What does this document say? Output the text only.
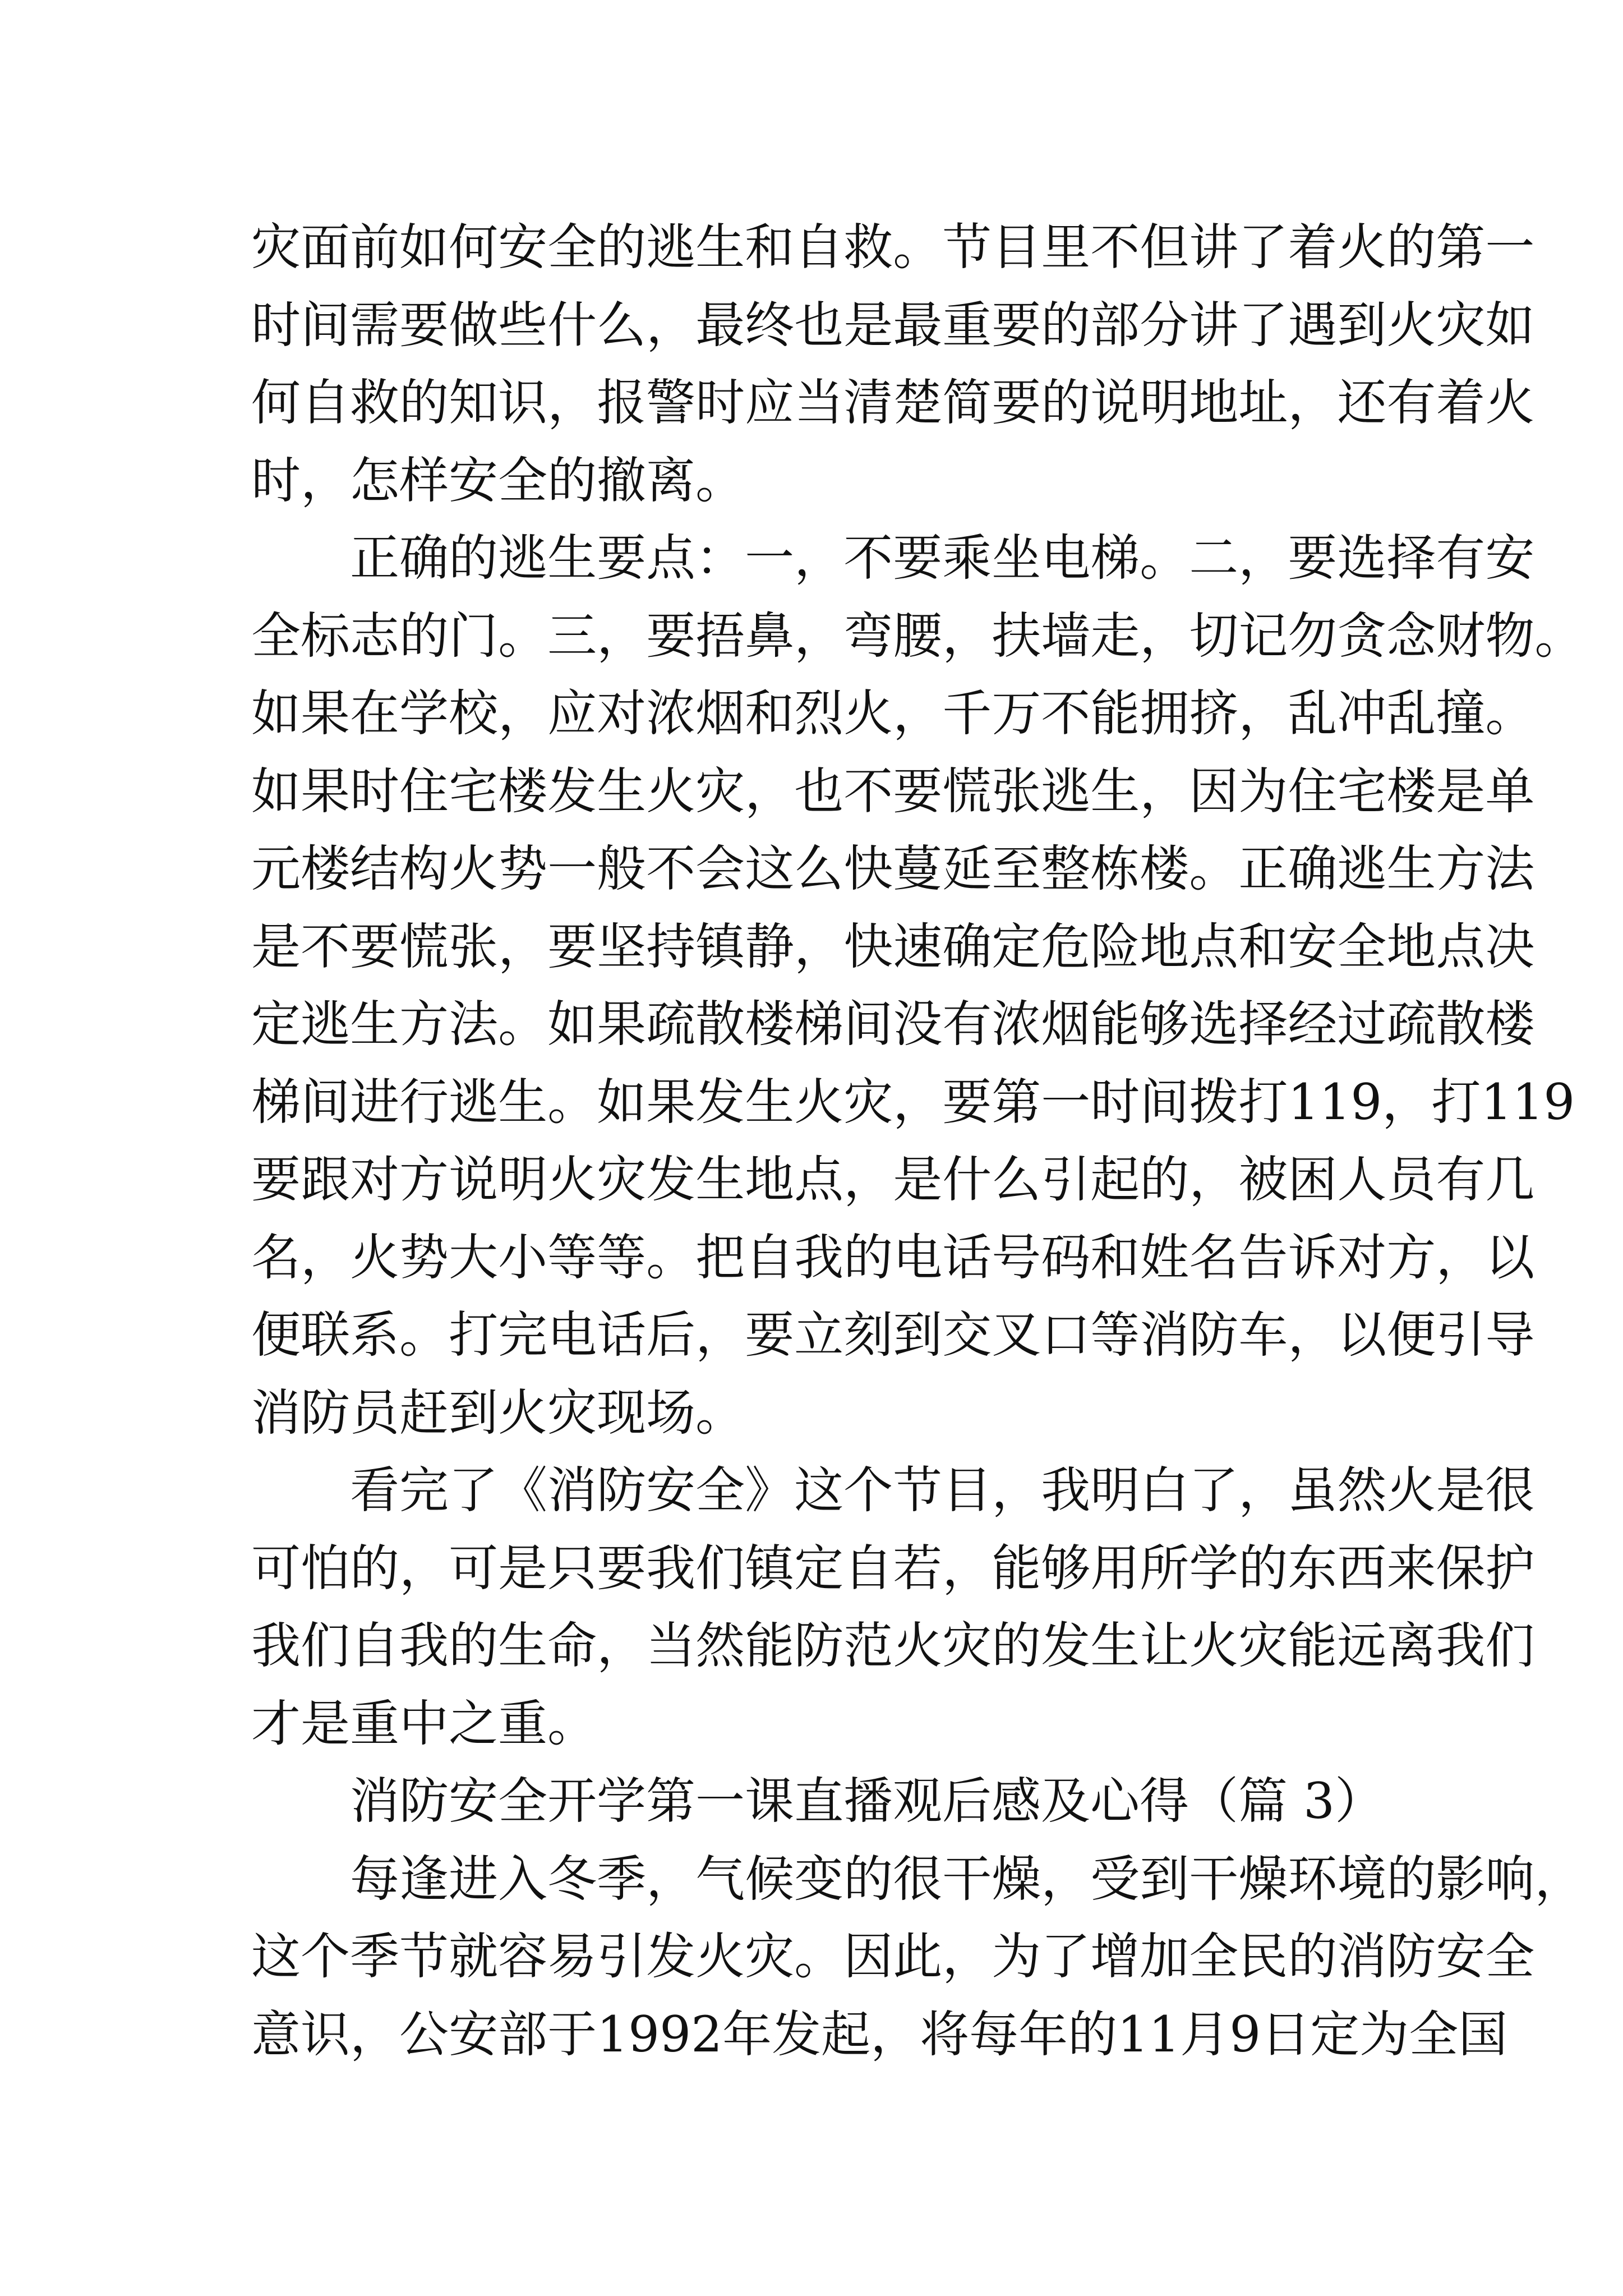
灾 面 前 如 何 安 全 的 逃 生 和 自 救 。 节 目 里 不 但 讲 了 着 火 的 第 一
时 间 需 要 做 些 什 么 ， 最 终 也 是 最 重 要 的 部 分 讲 了 遇 到 火 灾 如
何 自 救 的 知 识 ， 报 警 时 应 当 清 楚 简 要 的 说 明 地 址 ， 还 有 着 火
时，怎样安全的撤离。
正 确 的 逃 生 要 点 ： 一 ， 不 要 乘 坐 电 梯 。 二 ， 要 选 择 有 安
全 标 志 的 门 。 三 ， 要 捂 鼻 ， 弯 腰 ， 扶 墙 走 ， 切 记 勿 贪 念 财 物 。
如 果 在 学 校 ， 应 对 浓 烟 和 烈 火 ， 千 万 不 能 拥 挤 ， 乱 冲 乱 撞 。
如 果 时 住 宅 楼 发 生 火 灾 ， 也 不 要 慌 张 逃 生 ， 因 为 住 宅 楼 是 单
元 楼 结 构 火 势 一 般 不 会 这 么 快 蔓 延 至 整 栋 楼 。 正 确 逃 生 方 法
是 不 要 慌 张 ， 要 坚 持 镇 静 ， 快 速 确 定 危 险 地 点 和 安 全 地 点 决
定 逃 生 方 法 。 如 果 疏 散 楼 梯 间 没 有 浓 烟 能 够 选 择 经 过 疏 散 楼
梯 间 进 行 逃 生 。 如 果 发 生 火 灾 ， 要 第 一 时 间 拨 打 119 ， 打 119
要 跟 对 方 说 明 火 灾 发 生 地 点 ， 是 什 么 引 起 的 ， 被 困 人 员 有 几
名 ， 火 势 大 小 等 等 。 把 自 我 的 电 话 号 码 和 姓 名 告 诉 对 方 ， 以
便 联 系 。 打 完 电 话 后 ， 要 立 刻 到 交 叉 口 等 消 防 车 ， 以 便 引 导
消防员赶到火灾现场。
看 完 了 《 消 防 安 全 》 这 个 节 目 ， 我 明 白 了 ， 虽 然 火 是 很
可 怕 的 ， 可 是 只 要 我 们 镇 定 自 若 ， 能 够 用 所 学 的 东 西 来 保 护
我 们 自 我 的 生 命 ， 当 然 能 防 范 火 灾 的 发 生 让 火 灾 能 远 离 我 们
才是重中之重。
消防安全开学第一课直播观后感及心得（篇 3）
每 逢 进 入 冬 季 ， 气 候 变 的 很 干 燥 ， 受 到 干 燥 环 境 的 影 响 ，
这 个 季 节 就 容 易 引 发 火 灾 。 因 此 ， 为 了 增 加 全 民 的 消 防 安 全
意 识 ， 公 安 部 于 1992 年 发 起 ， 将 每 年 的 11 月 9 日 定 为 全 国
